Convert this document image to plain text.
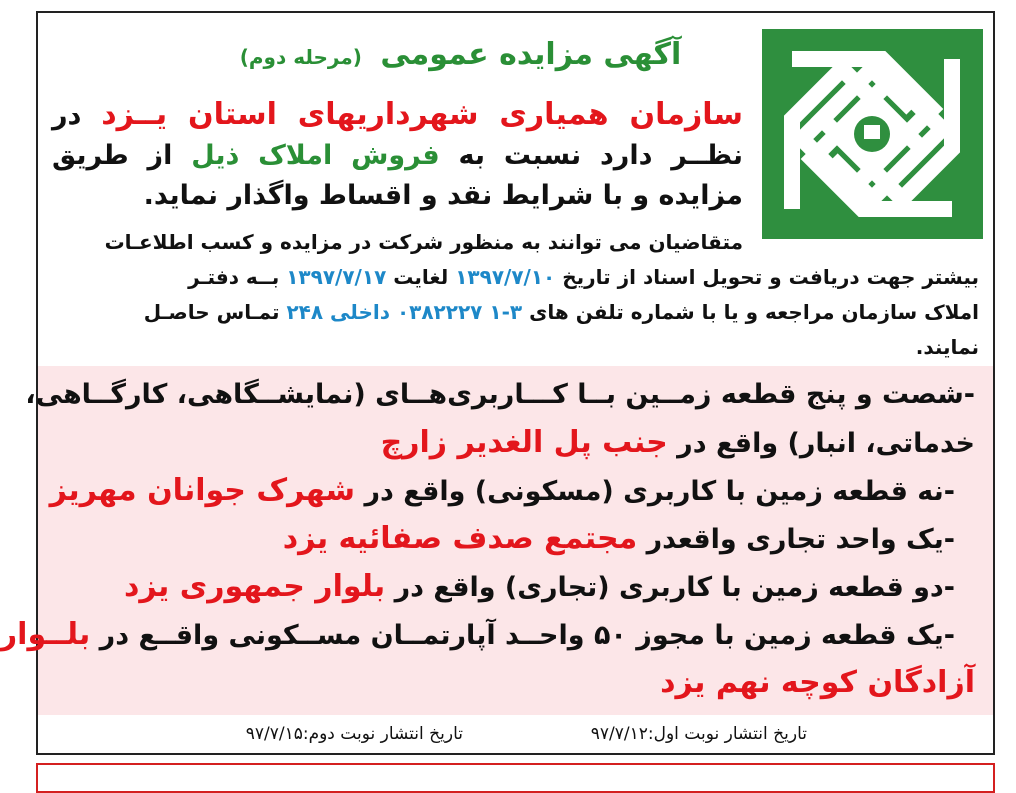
آگهی مزایده عمومی (مرحله دوم)

سازمان همیاری شهرداریهای استان یــزد در نظــر دارد نسبت به فروش املاک ذیل از طریق مزایده و با شرایط نقد و اقساط واگذار نماید.

متقاضیان می توانند به منظور شرکت در مزایده و کسب اطلاعـات
بیشتر جهت دریافت و تحویل اسناد از تاریخ ۱۳۹۷/۷/۱۰ لغایت ۱۳۹۷/۷/۱۷ بــه دفتـر
املاک سازمان مراجعه و یا با شماره تلفن های ۳-۱ ۰۳۸۲۲۲۷ داخلی ۲۴۸ تمـاس حاصـل
نمایند.

-شصت و پنج قطعه زمــین بــا کـــاربری‌هــای (نمایشــگاهی، کارگــاهی،

خدماتی، انبار) واقع در جنب پل الغدیر زارچ

-نه قطعه زمین با کاربری (مسکونی) واقع در شهرک جوانان مهریز

-یک واحد تجاری واقعدر مجتمع صدف صفائیه یزد

-دو قطعه زمین با کاربری (تجاری) واقع در بلوار جمهوری یزد

-یک قطعه زمین با مجوز ۵۰ واحــد آپارتمــان مســکونی واقــع در بلــوار

آزادگان کوچه نهم یزد

تاریخ انتشار نوبت اول:۹۷/۷/۱۲
تاریخ انتشار نوبت دوم:۹۷/۷/۱۵
